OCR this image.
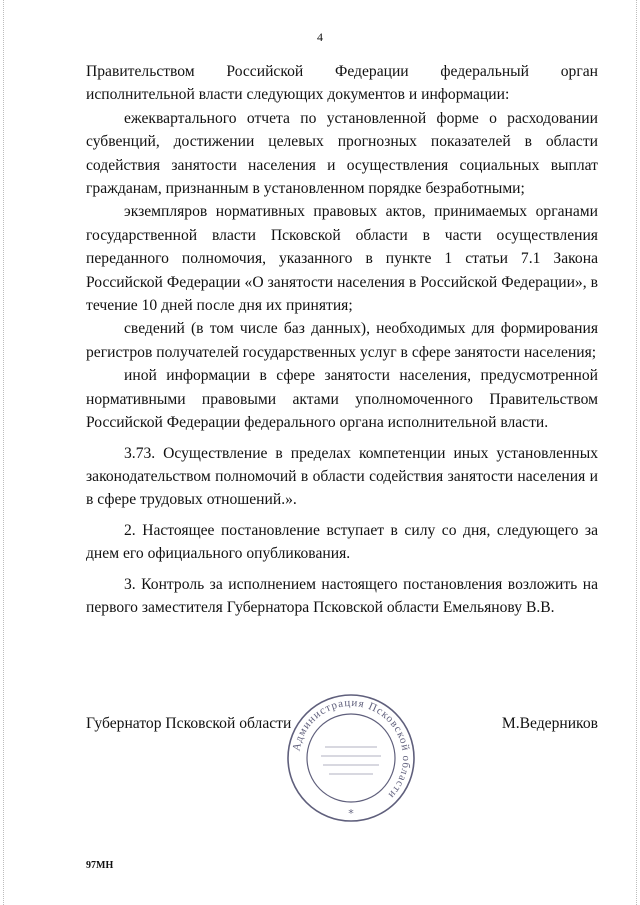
4

Правительством Российской Федерации федеральный орган исполнительной власти следующих документов и информации:

ежеквартального отчета по установленной форме о расходовании субвенций, достижении целевых прогнозных показателей в области содействия занятости населения и осуществления социальных выплат гражданам, признанным в установленном порядке безработными;

экземпляров нормативных правовых актов, принимаемых органами государственной власти Псковской области в части осуществления переданного полномочия, указанного в пункте 1 статьи 7.1 Закона Российской Федерации «О занятости населения в Российской Федерации», в течение 10 дней после дня их принятия;

сведений (в том числе баз данных), необходимых для формирования регистров получателей государственных услуг в сфере занятости населения;

иной информации в сфере занятости населения, предусмотренной нормативными правовыми актами уполномоченного Правительством Российской Федерации федерального органа исполнительной власти.

3.73. Осуществление в пределах компетенции иных установленных законодательством полномочий в области содействия занятости населения и в сфере трудовых отношений.».

2. Настоящее постановление вступает в силу со дня, следующего за днем его официального опубликования.

3. Контроль за исполнением настоящего постановления возложить на первого заместителя Губернатора Псковской области Емельянову В.В.

Губернатор Псковской области	М.Ведерников
Администрация Псковской области
*
97МН
